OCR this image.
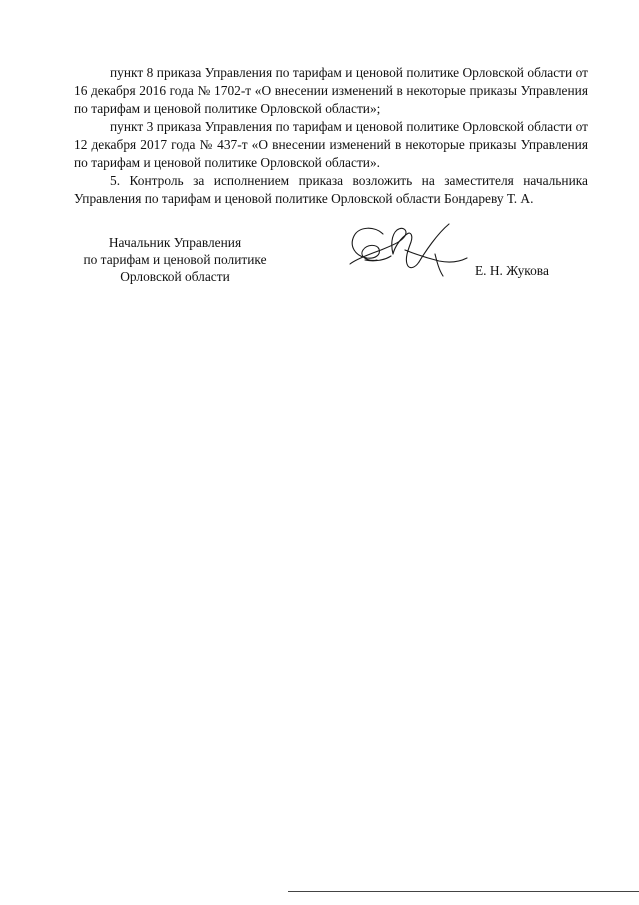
пункт 8 приказа Управления по тарифам и ценовой политике Орловской области от 16 декабря 2016 года № 1702-т «О внесении изменений в некоторые приказы Управления по тарифам и ценовой политике Орловской области»;

пункт 3 приказа Управления по тарифам и ценовой политике Орловской области от 12 декабря 2017 года № 437-т «О внесении изменений в некоторые приказы Управления по тарифам и ценовой политике Орловской области».

5. Контроль за исполнением приказа возложить на заместителя начальника Управления по тарифам и ценовой политике Орловской области Бондареву Т. А.

Начальник Управления
по тарифам и ценовой политике
Орловской области	Е. Н. Жукова
